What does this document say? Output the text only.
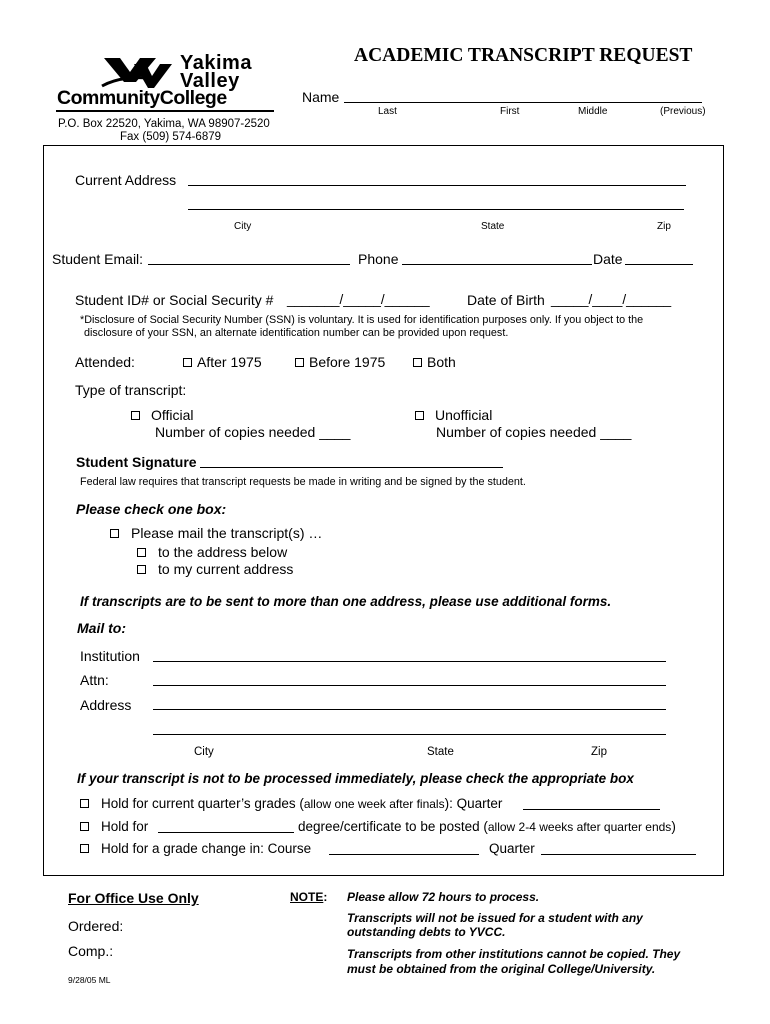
Yakima
Valley
CommunityCollege
P.O. Box 22520, Yakima, WA 98907-2520
Fax (509) 574-6879
ACADEMIC TRANSCRIPT REQUEST
Name
Last	First	Middle	(Previous)
Current Address
City	State	Zip
Student Email:	Phone	Date
Student ID# or Social Security # _______/_____/______	Date of Birth _____/____/______
*Disclosure of Social Security Number (SSN) is voluntary. It is used for identification purposes only. If you object to the
disclosure of your SSN, an alternate identification number can be provided upon request.
Attended:	After 1975	Before 1975	Both
Type of transcript:
Official
Number of copies needed ____
Unofficial
Number of copies needed ____
Student Signature
Federal law requires that transcript requests be made in writing and be signed by the student.
Please check one box:
Please mail the transcript(s) …
to the address below
to my current address
If transcripts are to be sent to more than one address, please use additional forms.
Mail to:
Institution
Attn:
Address
City	State	Zip
If your transcript is not to be processed immediately, please check the appropriate box
Hold for current quarter’s grades (allow one week after finals): Quarter
Hold for	degree/certificate to be posted (allow 2-4 weeks after quarter ends)
Hold for a grade change in: Course	Quarter
For Office Use Only
Ordered:
Comp.:
9/28/05 ML
NOTE: Please allow 72 hours to process.
Transcripts will not be issued for a student with any
outstanding debts to YVCC.
Transcripts from other institutions cannot be copied. They
must be obtained from the original College/University.
